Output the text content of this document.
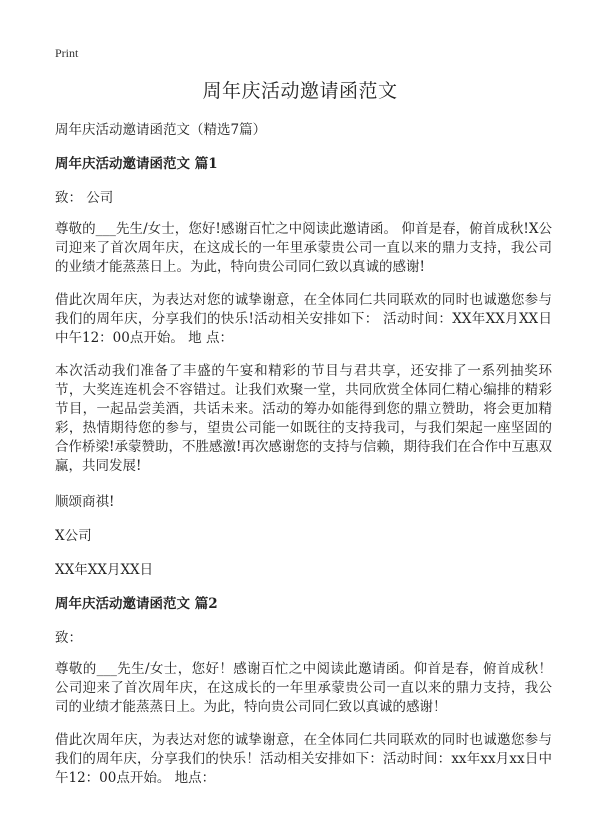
Print
周年庆活动邀请函范文

周年庆活动邀请函范文（精选7篇）

周年庆活动邀请函范文 篇1

致： 公司

尊敬的___先生/女士，您好!感谢百忙之中阅读此邀请函。 仰首是春，俯首成秋!X公司迎来了首次周年庆，在这成长的一年里承蒙贵公司一直以来的鼎力支持，我公司的业绩才能蒸蒸日上。为此，特向贵公司同仁致以真诚的感谢!

借此次周年庆，为表达对您的诚挚谢意，在全体同仁共同联欢的同时也诚邀您参与我们的周年庆，分享我们的快乐!活动相关安排如下： 活动时间：XX年XX月XX日中午12：00点开始。 地 点：

本次活动我们准备了丰盛的午宴和精彩的节目与君共享，还安排了一系列抽奖环节，大奖连连机会不容错过。让我们欢聚一堂，共同欣赏全体同仁精心编排的精彩节目，一起品尝美酒，共话未来。活动的筹办如能得到您的鼎立赞助，将会更加精彩，热情期待您的参与，望贵公司能一如既往的支持我司，与我们架起一座坚固的合作桥梁!承蒙赞助，不胜感激!再次感谢您的支持与信赖，期待我们在合作中互惠双赢，共同发展!

顺颂商祺!

X公司

XX年XX月XX日

周年庆活动邀请函范文 篇2

致：

尊敬的___先生/女士，您好！感谢百忙之中阅读此邀请函。仰首是春，俯首成秋！公司迎来了首次周年庆，在这成长的一年里承蒙贵公司一直以来的鼎力支持，我公司的业绩才能蒸蒸日上。为此，特向贵公司同仁致以真诚的感谢！

借此次周年庆，为表达对您的诚挚谢意，在全体同仁共同联欢的同时也诚邀您参与我们的周年庆，分享我们的快乐！活动相关安排如下：活动时间：xx年xx月xx日中午12：00点开始。 地点：
